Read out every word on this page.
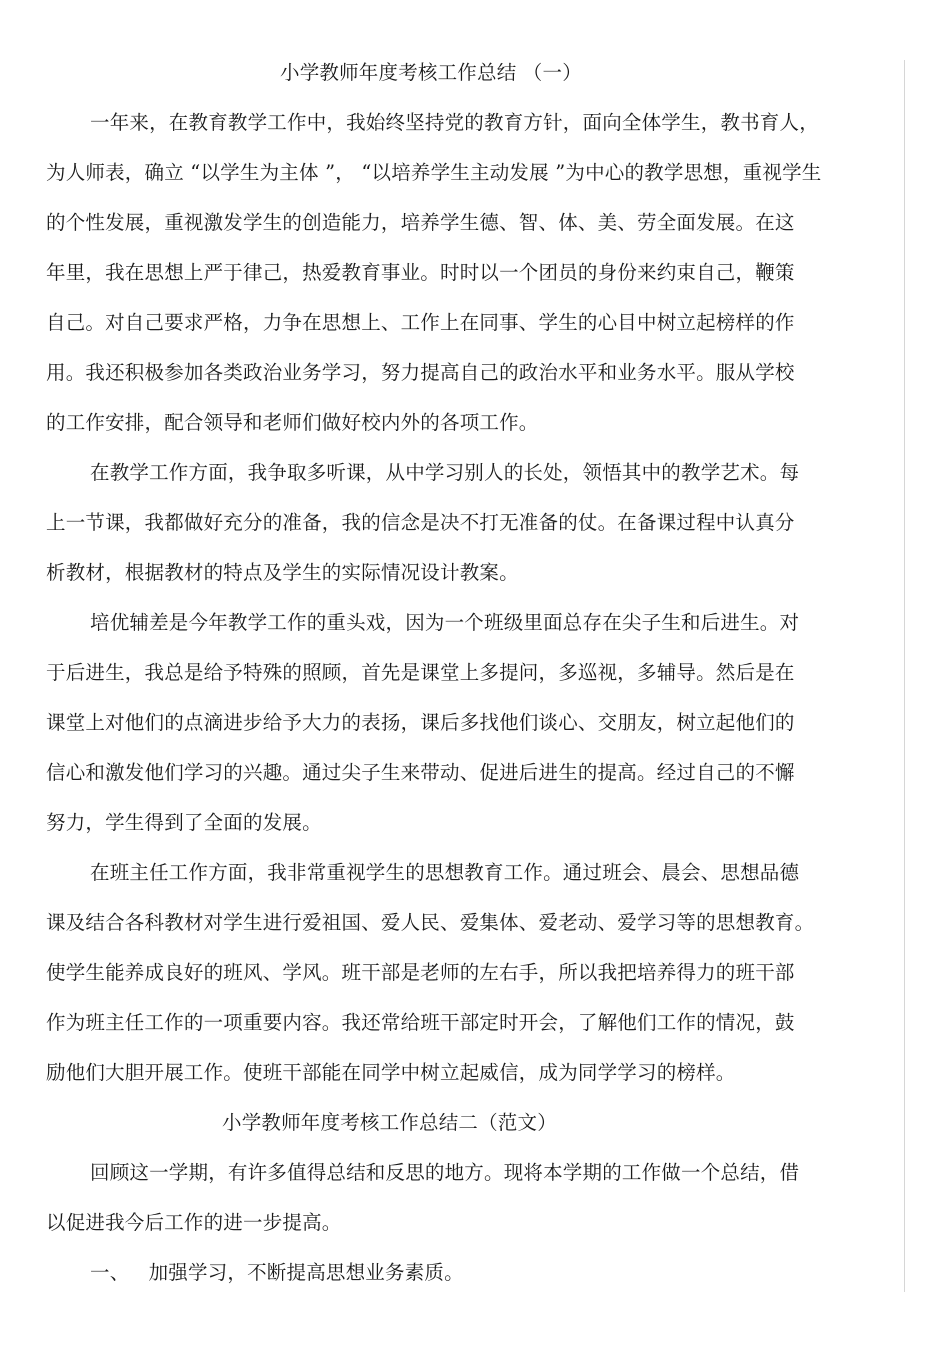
小学教师年度考核工作总结 （一）
一年来，在教育教学工作中，我始终坚持党的教育方针，面向全体学生，教书育人，
为人师表，确立 “以学生为主体 ”， “以培养学生主动发展 ”为中心的教学思想，重视学生
的个性发展，重视激发学生的创造能力，培养学生德、智、体、美、劳全面发展。在这
年里，我在思想上严于律己，热爱教育事业。时时以一个团员的身份来约束自己，鞭策
自己。对自己要求严格，力争在思想上、工作上在同事、学生的心目中树立起榜样的作
用。我还积极参加各类政治业务学习，努力提高自己的政治水平和业务水平。服从学校
的工作安排，配合领导和老师们做好校内外的各项工作。
在教学工作方面，我争取多听课，从中学习别人的长处，领悟其中的教学艺术。每
上一节课，我都做好充分的准备，我的信念是决不打无准备的仗。在备课过程中认真分
析教材，根据教材的特点及学生的实际情况设计教案。
培优辅差是今年教学工作的重头戏，因为一个班级里面总存在尖子生和后进生。对
于后进生，我总是给予特殊的照顾，首先是课堂上多提问，多巡视，多辅导。然后是在
课堂上对他们的点滴进步给予大力的表扬，课后多找他们谈心、交朋友，树立起他们的
信心和激发他们学习的兴趣。通过尖子生来带动、促进后进生的提高。经过自己的不懈
努力，学生得到了全面的发展。
在班主任工作方面，我非常重视学生的思想教育工作。通过班会、晨会、思想品德
课及结合各科教材对学生进行爱祖国、爱人民、爱集体、爱老动、爱学习等的思想教育。
使学生能养成良好的班风、学风。班干部是老师的左右手，所以我把培养得力的班干部
作为班主任工作的一项重要内容。我还常给班干部定时开会，了解他们工作的情况，鼓
励他们大胆开展工作。使班干部能在同学中树立起威信，成为同学学习的榜样。
小学教师年度考核工作总结二（范文）
回顾这一学期，有许多值得总结和反思的地方。现将本学期的工作做一个总结，借
以促进我今后工作的进一步提高。
一、   加强学习，不断提高思想业务素质。
